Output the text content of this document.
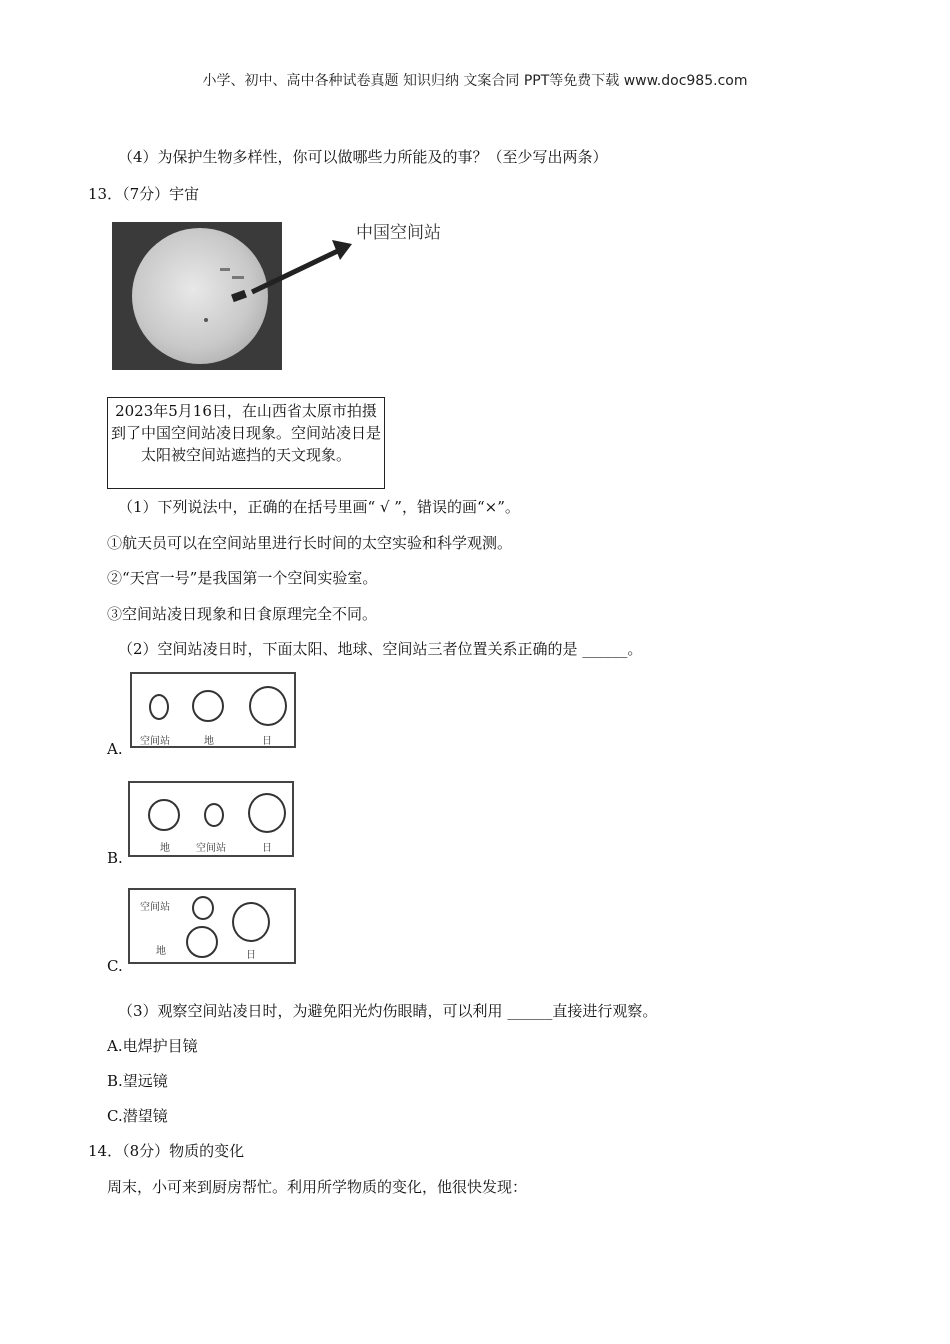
小学、初中、高中各种试卷真题 知识归纳 文案合同 PPT等免费下载 www.doc985.com
（4）为保护生物多样性，你可以做哪些力所能及的事？（至少写出两条）
13．（7分）宇宙
中国空间站
2023年5月16日，在山西省太原市拍摄到了中国空间站凌日现象。空间站凌日是太阳被空间站遮挡的天文现象。
（1）下列说法中，正确的在括号里画“ √ ”，错误的画“×”。
①航天员可以在空间站里进行长时间的太空实验和科学观测。
②“天宫一号”是我国第一个空间实验室。
③空间站凌日现象和日食原理完全不同。
（2）空间站凌日时，下面太阳、地球、空间站三者位置关系正确的是 ______。
空间站	地	日
A.
地	空间站	日
B.
空间站
地	日
C.
（3）观察空间站凌日时，为避免阳光灼伤眼睛，可以利用 ______直接进行观察。
A.电焊护目镜
B.望远镜
C.潜望镜
14．（8分）物质的变化
周末，小可来到厨房帮忙。利用所学物质的变化，他很快发现：
